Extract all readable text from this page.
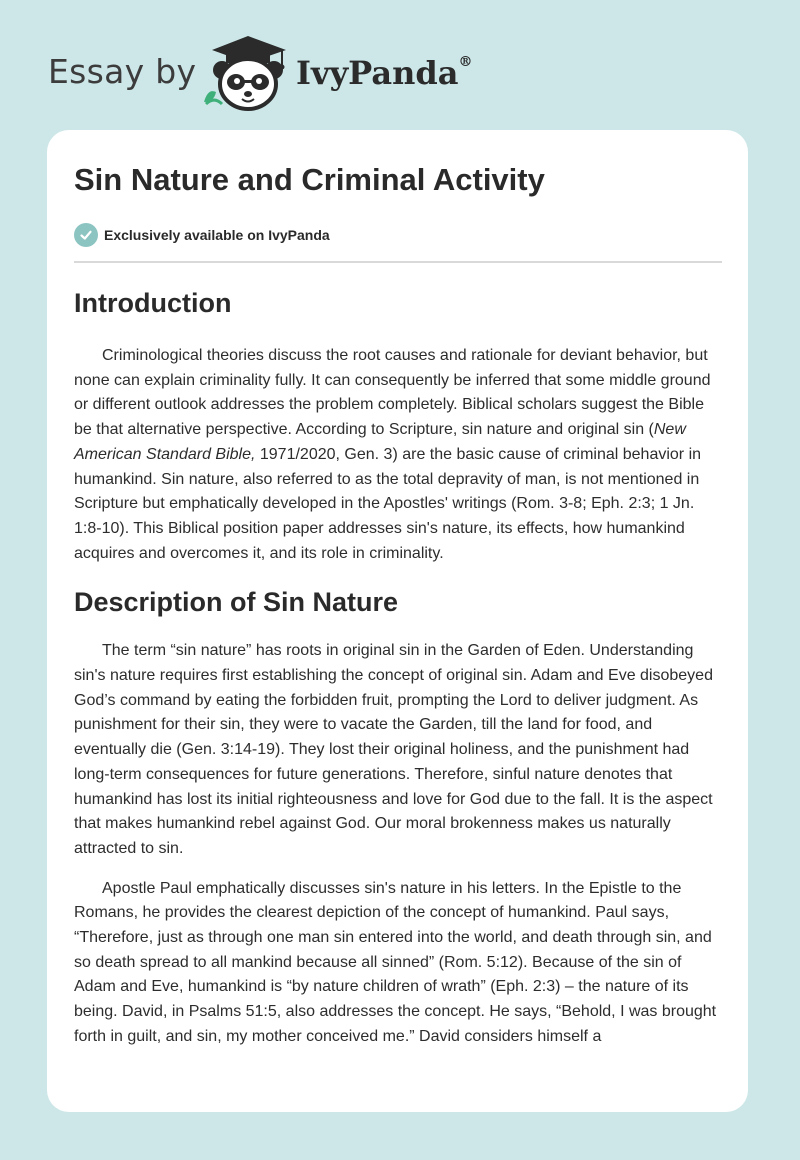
Essay by	IvyPanda®
Sin Nature and Criminal Activity
Exclusively available on IvyPanda
Introduction

Criminological theories discuss the root causes and rationale for deviant behavior, but none can explain criminality fully. It can consequently be inferred that some middle ground or different outlook addresses the problem completely. Biblical scholars suggest the Bible be that alternative perspective. According to Scripture, sin nature and original sin (New American Standard Bible, 1971/2020, Gen. 3) are the basic cause of criminal behavior in humankind. Sin nature, also referred to as the total depravity of man, is not mentioned in Scripture but emphatically developed in the Apostles' writings (Rom. 3-8; Eph. 2:3; 1 Jn. 1:8-10). This Biblical position paper addresses sin's nature, its effects, how humankind acquires and overcomes it, and its role in criminality.

Description of Sin Nature

The term “sin nature” has roots in original sin in the Garden of Eden. Understanding sin's nature requires first establishing the concept of original sin. Adam and Eve disobeyed God’s command by eating the forbidden fruit, prompting the Lord to deliver judgment. As punishment for their sin, they were to vacate the Garden, till the land for food, and eventually die (Gen. 3:14-19). They lost their original holiness, and the punishment had long-term consequences for future generations. Therefore, sinful nature denotes that humankind has lost its initial righteousness and love for God due to the fall. It is the aspect that makes humankind rebel against God. Our moral brokenness makes us naturally attracted to sin.

Apostle Paul emphatically discusses sin's nature in his letters. In the Epistle to the Romans, he provides the clearest depiction of the concept of humankind. Paul says, “Therefore, just as through one man sin entered into the world, and death through sin, and so death spread to all mankind because all sinned” (Rom. 5:12). Because of the sin of Adam and Eve, humankind is “by nature children of wrath” (Eph. 2:3) – the nature of its being. David, in Psalms 51:5, also addresses the concept. He says, “Behold, I was brought forth in guilt, and sin, my mother conceived me.” David considers himself a
